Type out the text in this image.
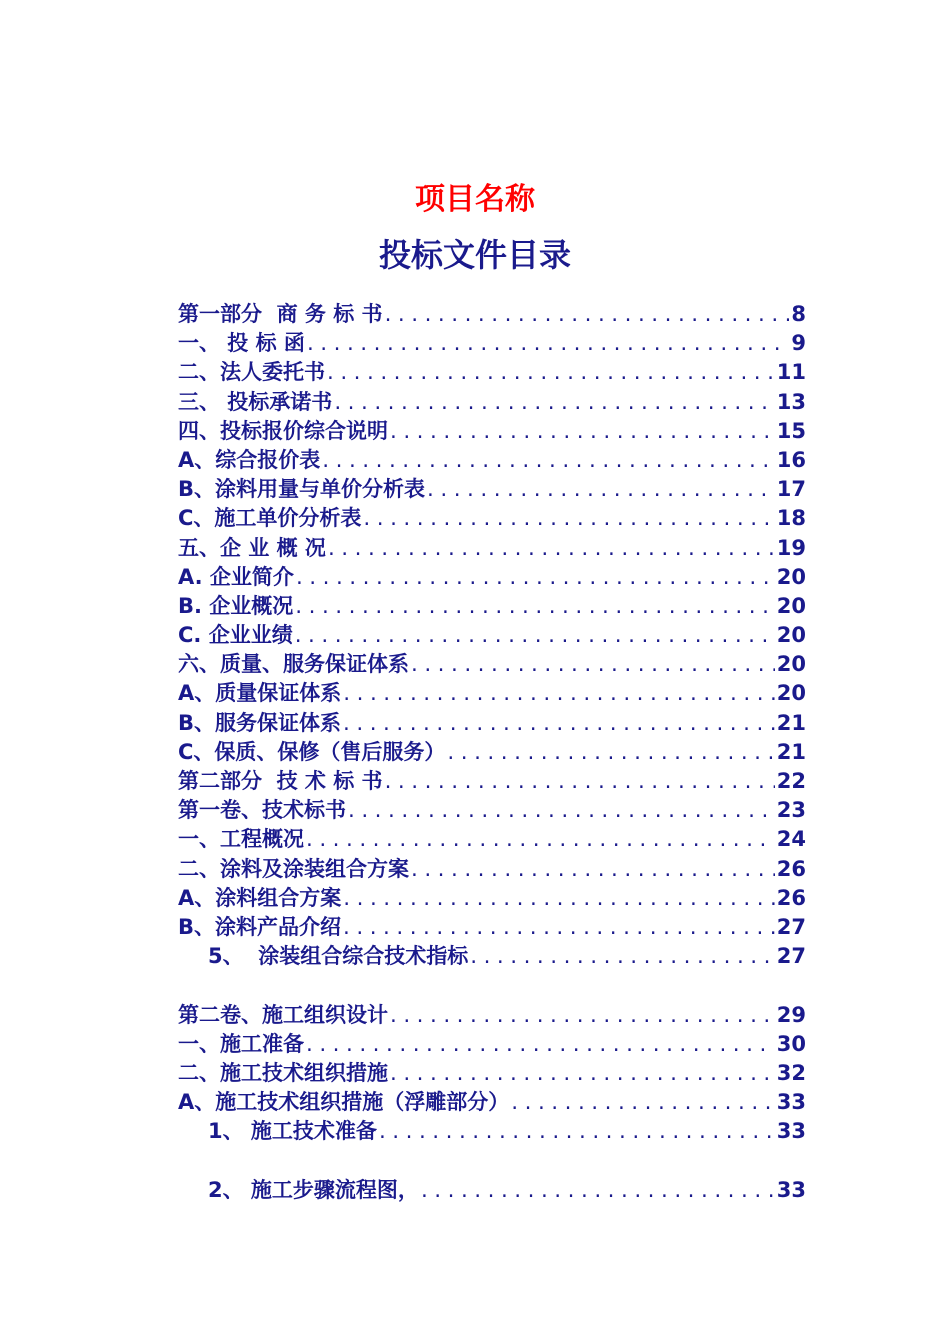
项目名称
投标文件目录
第一部分  商 务 标 书 .....	8
一、 投 标 函 .....	9
二、法人委托书 .....	11
三、 投标承诺书 .....	13
四、投标报价综合说明 .....	15
A、综合报价表 .....	16
B、涂料用量与单价分析表 .....	17
C、施工单价分析表 .....	18
五、企 业 概 况 .....	19
A. 企业简介 .....	20
B. 企业概况 .....	20
C. 企业业绩 .....	20
六、质量、服务保证体系 .....	20
A、质量保证体系 .....	20
B、服务保证体系 .....	21
C、保质、保修（售后服务） .....	21
第二部分  技 术 标 书 .....	22
第一卷、技术标书 .....	23
一、工程概况 .....	24
二、涂料及涂装组合方案 .....	26
A、涂料组合方案 .....	26
B、涂料产品介绍 .....	27
5、  涂装组合综合技术指标 .....	27
第二卷、施工组织设计 .....	29
一、施工准备 .....	30
二、施工技术组织措施 .....	32
A、施工技术组织措施（浮雕部分） .....	33
1、 施工技术准备 .....	33
2、 施工步骤流程图， .....	33
